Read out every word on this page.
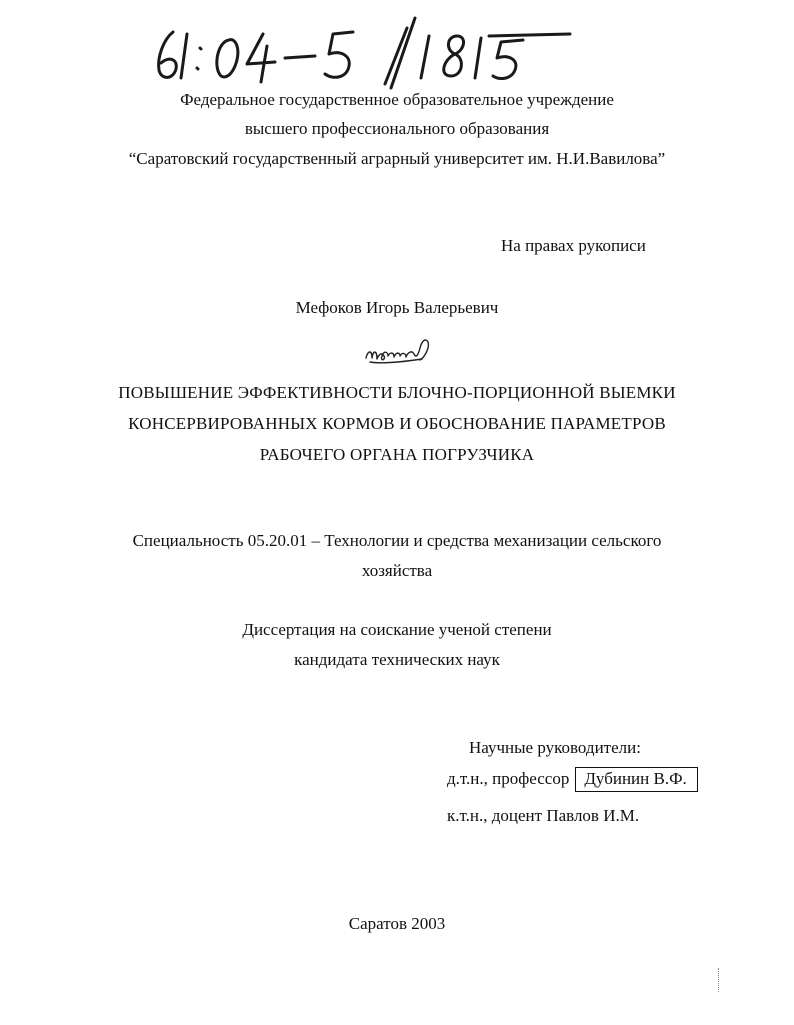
Федеральное государственное образовательное учреждение
высшего профессионального образования
“Саратовский государственный аграрный университет им. Н.И.Вавилова”
На правах рукописи
Мефоков Игорь Валерьевич
ПОВЫШЕНИЕ ЭФФЕКТИВНОСТИ БЛОЧНО-ПОРЦИОННОЙ ВЫЕМКИ
КОНСЕРВИРОВАННЫХ КОРМОВ И ОБОСНОВАНИЕ ПАРАМЕТРОВ
РАБОЧЕГО ОРГАНА ПОГРУЗЧИКА
Специальность 05.20.01 – Технологии и средства механизации сельского
хозяйства
Диссертация на соискание ученой степени
кандидата технических наук
Научные руководители:
д.т.н., профессор Дубинин В.Ф.
к.т.н., доцент Павлов И.М.
Саратов 2003
